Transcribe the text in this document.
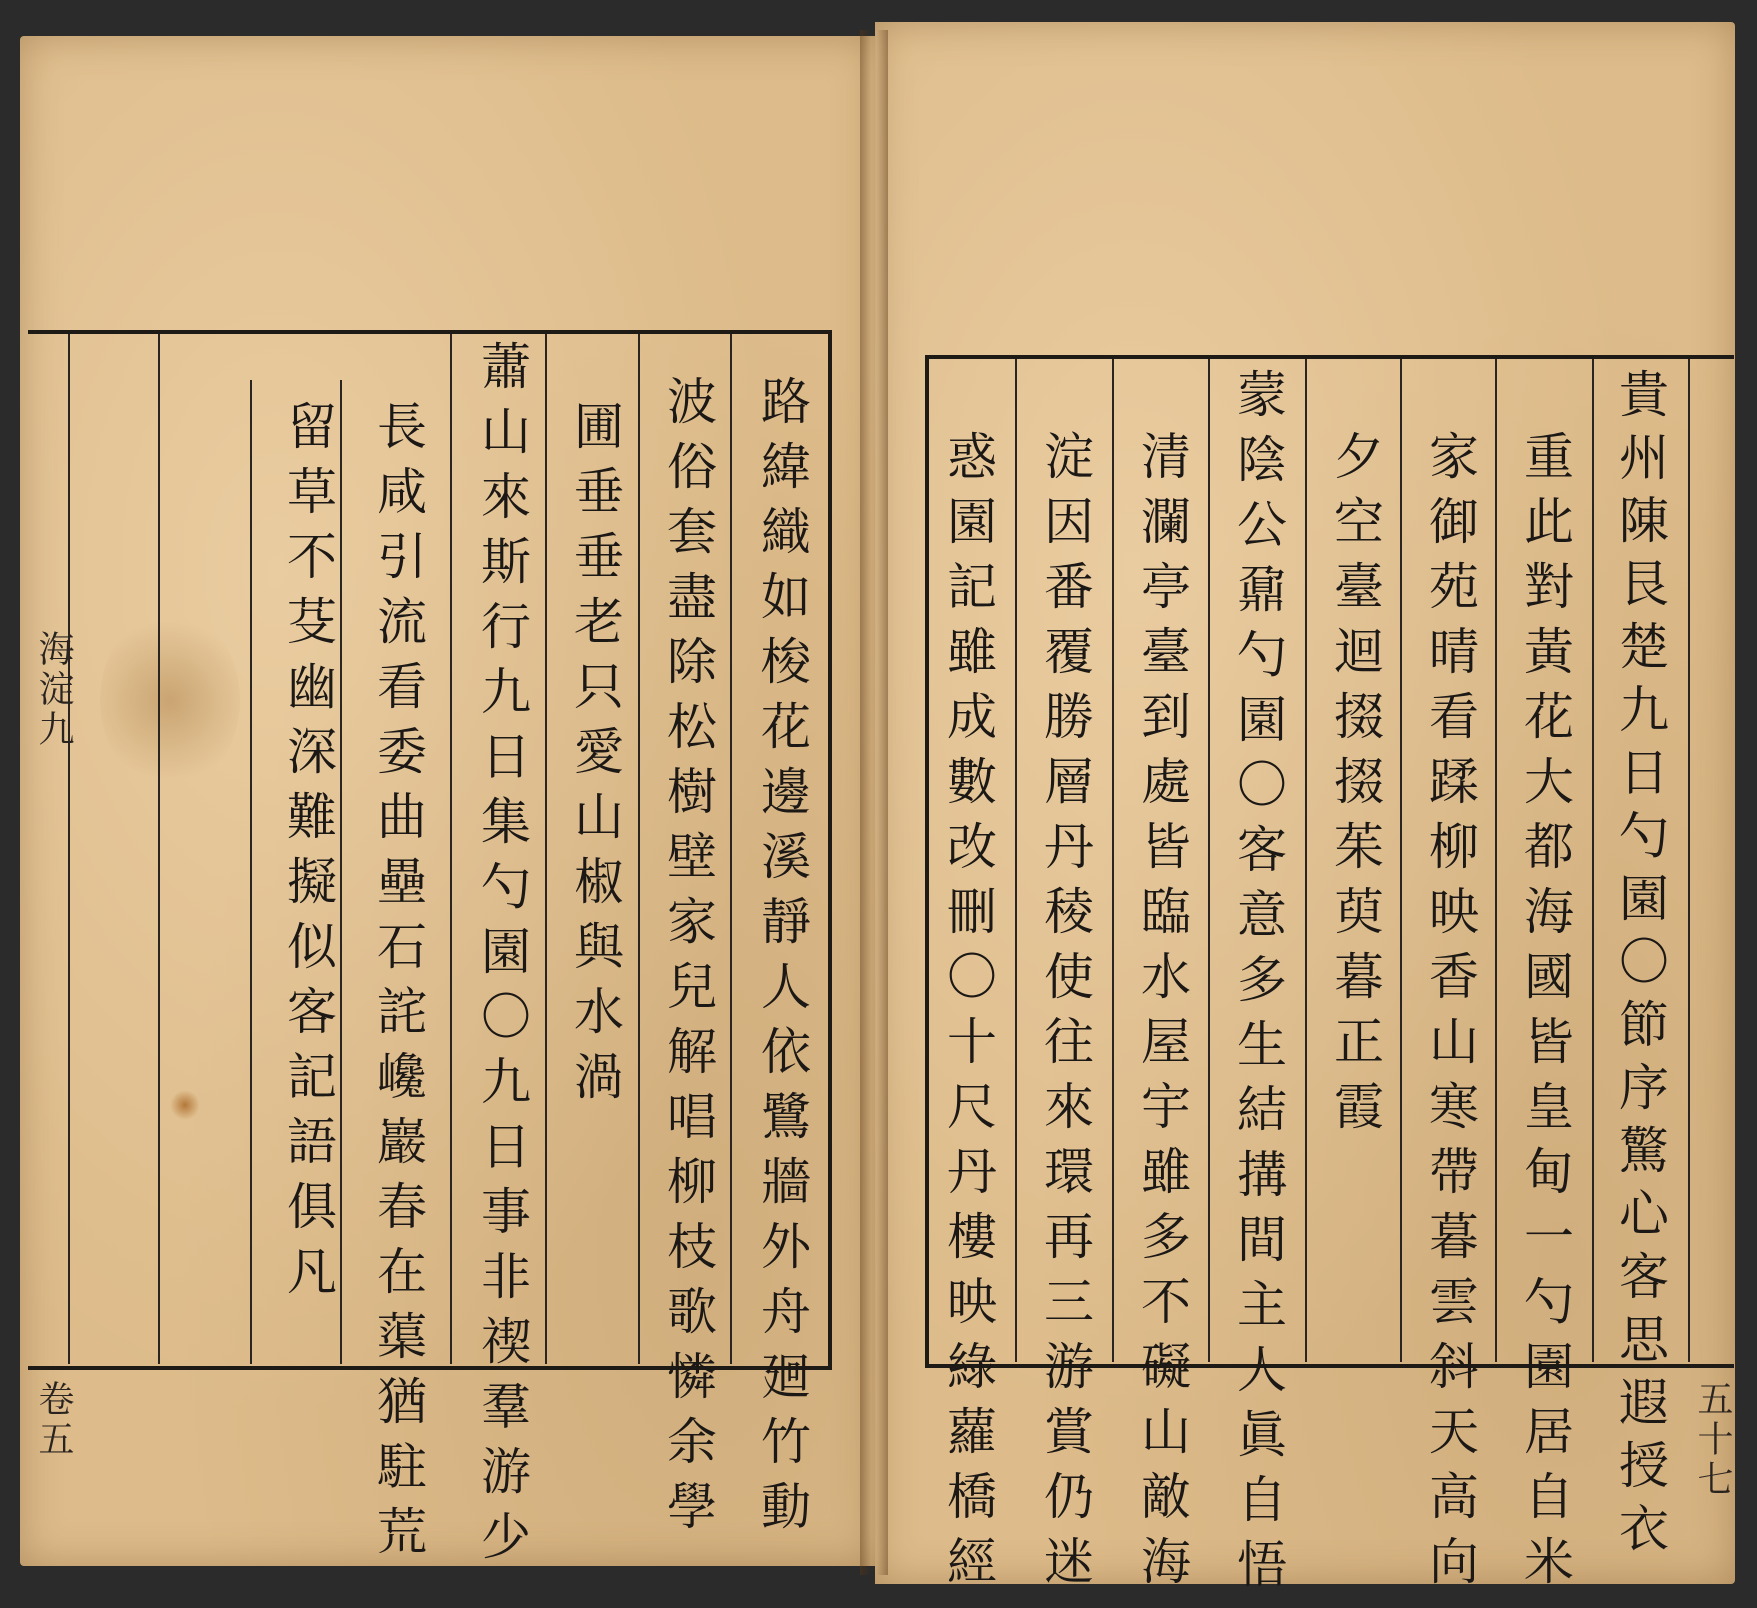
海淀九
卷五	路緯織如梭花邊溪靜人依鷺牆外舟廻竹動
波俗套盡除松樹壁家兒解唱柳枝歌憐余學
圃垂垂老只愛山椒與水渦
蕭山來斯行九日集勺園〇九日事非禊羣游少
長咸引流看委曲壘石詫巉巖春在蕖猶駐荒
留草不芟幽深難擬似客記語俱凡
五十七
貴州陳艮楚九日勺園〇節序驚心客思遐授衣
重此對黃花大都海國皆皇甸一勺園居自米
家御苑晴看蹂柳映香山寒帶暮雲斜天高向
夕空臺迴掇掇茱萸暮正霞
蒙陰公鼐勺園〇客意多生結搆間主人眞自悟
清瀾亭臺到處皆臨水屋宇雖多不礙山敵海
淀因番覆勝層丹稜使往來環再三游賞仍迷
惑園記雖成數改刪〇十尺丹樓映綠蘿橋經
